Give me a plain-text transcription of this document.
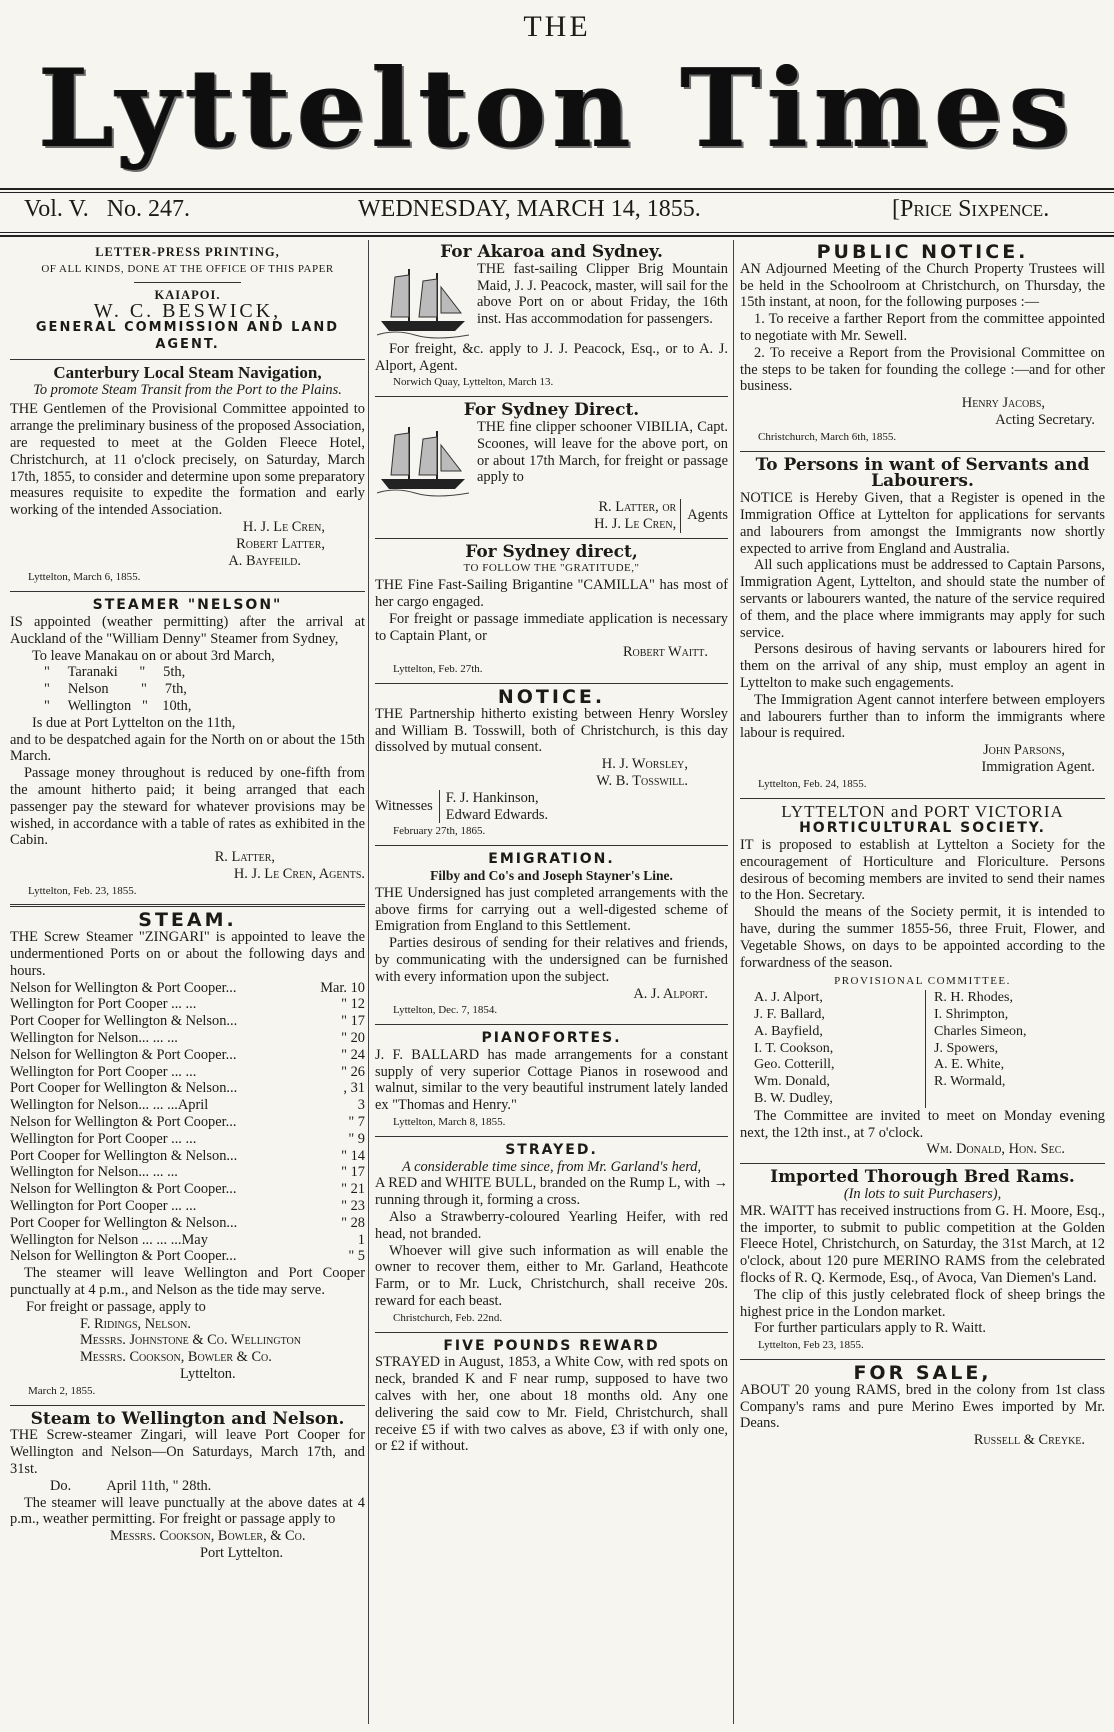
THE
Lyttelton Times
Vol. V. No. 247.	WEDNESDAY, MARCH 14, 1855.	[Price Sixpence.
LETTER-PRESS PRINTING,
OF ALL KINDS, DONE AT THE OFFICE OF THIS PAPER
KAIAPOI.
W. C. BESWICK,
GENERAL COMMISSION AND LAND AGENT.
Canterbury Local Steam Navigation,
To promote Steam Transit from the Port to the Plains.

THE Gentlemen of the Provisional Committee appointed to arrange the preliminary business of the proposed Association, are requested to meet at the Golden Fleece Hotel, Christchurch, at 11 o'clock precisely, on Saturday, March 17th, 1855, to consider and determine upon some preparatory measures requisite to expedite the formation and early working of the intended Association.

H. J. Le Cren,
Robert Latter,
A. Bayfeild.
Lyttelton, March 6, 1855.
STEAMER "NELSON"

IS appointed (weather permitting) after the arrival at Auckland of the "William Denny" Steamer from Sydney,

To leave Manakau on or about 3rd March,
"     Taranaki      "     5th,
"     Nelson         "     7th,
"     Wellington   "    10th,
Is due at Port Lyttelton on the 11th,

and to be despatched again for the North on or about the 15th March.

Passage money throughout is reduced by one-fifth from the amount hitherto paid; it being arranged that each passenger pay the steward for whatever provisions may be wished, in accordance with a table of rates as exhibited in the Cabin.

R. Latter,
H. J. Le Cren, Agents.
Lyttelton, Feb. 23, 1855.
STEAM.

THE Screw Steamer "ZINGARI" is appointed to leave the undermentioned Ports on or about the following days and hours.

Nelson for Wellington & Port Cooper...	Mar. 10
Wellington for Port Cooper ... ...	" 12
Port Cooper for Wellington & Nelson...	" 17
Wellington for Nelson... ... ...	" 20
Nelson for Wellington & Port Cooper...	" 24
Wellington for Port Cooper ... ...	" 26
Port Cooper for Wellington & Nelson...	, 31
Wellington for Nelson... ... ...April	3
Nelson for Wellington & Port Cooper...	" 7
Wellington for Port Cooper ... ...	" 9
Port Cooper for Wellington & Nelson...	" 14
Wellington for Nelson... ... ...	" 17
Nelson for Wellington & Port Cooper...	" 21
Wellington for Port Cooper ... ...	" 23
Port Cooper for Wellington & Nelson...	" 28
Wellington for Nelson ... ... ...May	1
Nelson for Wellington & Port Cooper...	" 5

The steamer will leave Wellington and Port Cooper punctually at 4 p.m., and Nelson as the tide may serve.

For freight or passage, apply to
F. Ridings, Nelson.
Messrs. Johnstone & Co. Wellington
Messrs. Cookson, Bowler & Co.
Lyttelton.
March 2, 1855.
Steam to Wellington and Nelson.

THE Screw-steamer Zingari, will leave Port Cooper for Wellington and Nelson—On Saturdays, March 17th, and 31st.

Do.          April 11th, " 28th.

The steamer will leave punctually at the above dates at 4 p.m., weather permitting. For freight or passage apply to

Messrs. Cookson, Bowler, & Co.
Port Lyttelton.
For Akaroa and Sydney.

THE fast-sailing Clipper Brig Mountain Maid, J. J. Peacock, master, will sail for the above Port on or about Friday, the 16th inst. Has accommodation for passengers.

For freight, &c. apply to J. J. Peacock, Esq., or to A. J. Alport, Agent.

Norwich Quay, Lyttelton, March 13.
For Sydney Direct.

THE fine clipper schooner VIBILIA, Capt. Scoones, will leave for the above port, on or about 17th March, for freight or passage apply to

R. Latter, or
H. J. Le Cren,
Agents
For Sydney direct,
TO FOLLOW THE "GRATITUDE,"

THE Fine Fast-Sailing Brigantine "CAMILLA" has most of her cargo engaged.

For freight or passage immediate application is necessary to Captain Plant, or

Robert Waitt.
Lyttelton, Feb. 27th.
NOTICE.

THE Partnership hitherto existing between Henry Worsley and William B. Tosswill, both of Christchurch, is this day dissolved by mutual consent.

H. J. Worsley,
W. B. Tosswill.
Witnesses
F. J. Hankinson,
Edward Edwards.
February 27th, 1865.
EMIGRATION.
Filby and Co's and Joseph Stayner's Line.

THE Undersigned has just completed arrangements with the above firms for carrying out a well-digested scheme of Emigration from England to this Settlement.

Parties desirous of sending for their relatives and friends, by communicating with the undersigned can be furnished with every information upon the subject.

A. J. Alport.
Lyttelton, Dec. 7, 1854.
PIANOFORTES.

J. F. BALLARD has made arrangements for a constant supply of very superior Cottage Pianos in rosewood and walnut, similar to the very beautiful instrument lately landed ex "Thomas and Henry."

Lyttelton, March 8, 1855.
STRAYED.
A considerable time since, from Mr. Garland's herd,

A RED and WHITE BULL, branded on the Rump L, with → running through it, forming a cross.

Also a Strawberry-coloured Yearling Heifer, with red head, not branded.

Whoever will give such information as will enable the owner to recover them, either to Mr. Garland, Heathcote Farm, or to Mr. Luck, Christchurch, shall receive 20s. reward for each beast.

Christchurch, Feb. 22nd.
FIVE POUNDS REWARD

STRAYED in August, 1853, a White Cow, with red spots on neck, branded K and F near rump, supposed to have two calves with her, one about 18 months old. Any one delivering the said cow to Mr. Field, Christchurch, shall receive £5 if with two calves as above, £3 if with only one, or £2 if without.

PUBLIC NOTICE.

AN Adjourned Meeting of the Church Property Trustees will be held in the Schoolroom at Christchurch, on Thursday, the 15th instant, at noon, for the following purposes :—

1. To receive a farther Report from the committee appointed to negotiate with Mr. Sewell.

2. To receive a Report from the Provisional Committee on the steps to be taken for founding the college :—and for other business.

Henry Jacobs,
Acting Secretary.
Christchurch, March 6th, 1855.
To Persons in want of Servants and Labourers.

NOTICE is Hereby Given, that a Register is opened in the Immigration Office at Lyttelton for applications for servants and labourers from amongst the Immigrants now shortly expected to arrive from England and Australia.

All such applications must be addressed to Captain Parsons, Immigration Agent, Lyttelton, and should state the number of servants or labourers wanted, the nature of the service required of them, and the place where immigrants may apply for such service.

Persons desirous of having servants or labourers hired for them on the arrival of any ship, must employ an agent in Lyttelton to make such engagements.

The Immigration Agent cannot interfere between employers and labourers further than to inform the immigrants where labour is required.

John Parsons,
Immigration Agent.
Lyttelton, Feb. 24, 1855.
LYTTELTON and PORT VICTORIA
HORTICULTURAL SOCIETY.

IT is proposed to establish at Lyttelton a Society for the encouragement of Horticulture and Floriculture. Persons desirous of becoming members are invited to send their names to the Hon. Secretary.

Should the means of the Society permit, it is intended to have, during the summer 1855-56, three Fruit, Flower, and Vegetable Shows, on days to be appointed according to the forwardness of the season.

PROVISIONAL COMMITTEE.
A. J. Alport,
J. F. Ballard,
A. Bayfield,
I. T. Cookson,
Geo. Cotterill,
Wm. Donald,
B. W. Dudley,
R. H. Rhodes,
I. Shrimpton,
Charles Simeon,
J. Spowers,
A. E. White,
R. Wormald,

The Committee are invited to meet on Monday evening next, the 12th inst., at 7 o'clock.

Wm. Donald, Hon. Sec.
Imported Thorough Bred Rams.
(In lots to suit Purchasers),

MR. WAITT has received instructions from G. H. Moore, Esq., the importer, to submit to public competition at the Golden Fleece Hotel, Christchurch, on Saturday, the 31st March, at 12 o'clock, about 120 pure MERINO RAMS from the celebrated flocks of R. Q. Kermode, Esq., of Avoca, Van Diemen's Land.

The clip of this justly celebrated flock of sheep brings the highest price in the London market.

For further particulars apply to R. Waitt.

Lyttelton, Feb 23, 1855.
FOR SALE,

ABOUT 20 young RAMS, bred in the colony from 1st class Company's rams and pure Merino Ewes imported by Mr. Deans.

Russell & Creyke.
